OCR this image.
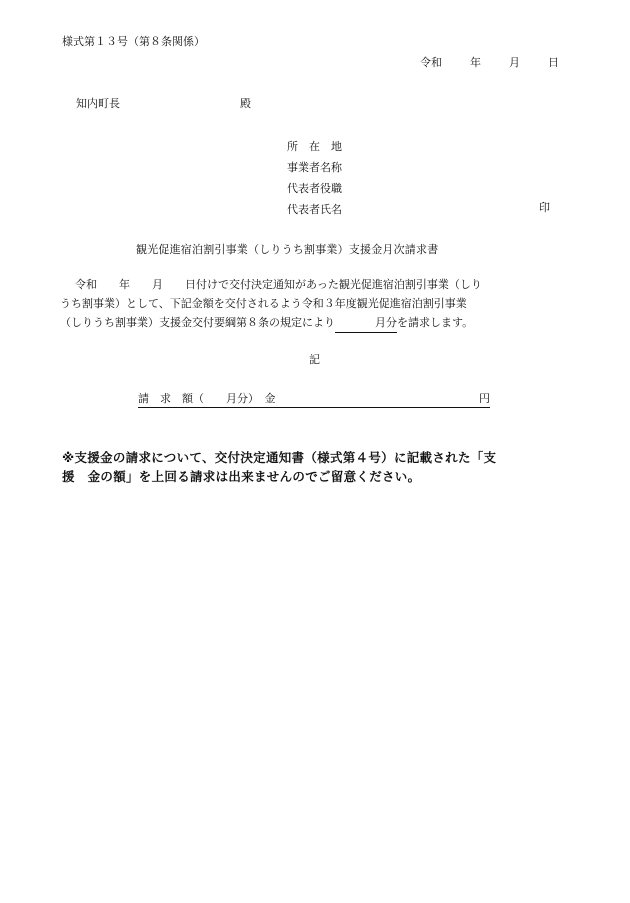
様式第１３号（第８条関係）
令和	年	月	日
知内町長	殿
所　在　地
事業者名称
代表者役職
代表者氏名	印
観光促進宿泊割引事業（しりうち割事業）支援金月次請求書
令和　　年　　月　　日付けで交付決定通知があった観光促進宿泊割引事業（しり
うち割事業）として、下記金額を交付されるよう令和３年度観光促進宿泊割引事業
（しりうち割事業）支援金交付要綱第８条の規定により	月分を請求します。
記
請　求　額（　　月分）　金	円
※支援金の請求について、交付決定通知書（様式第４号）に記載された「支
援　金の額」を上回る請求は出来ませんのでご留意ください。
